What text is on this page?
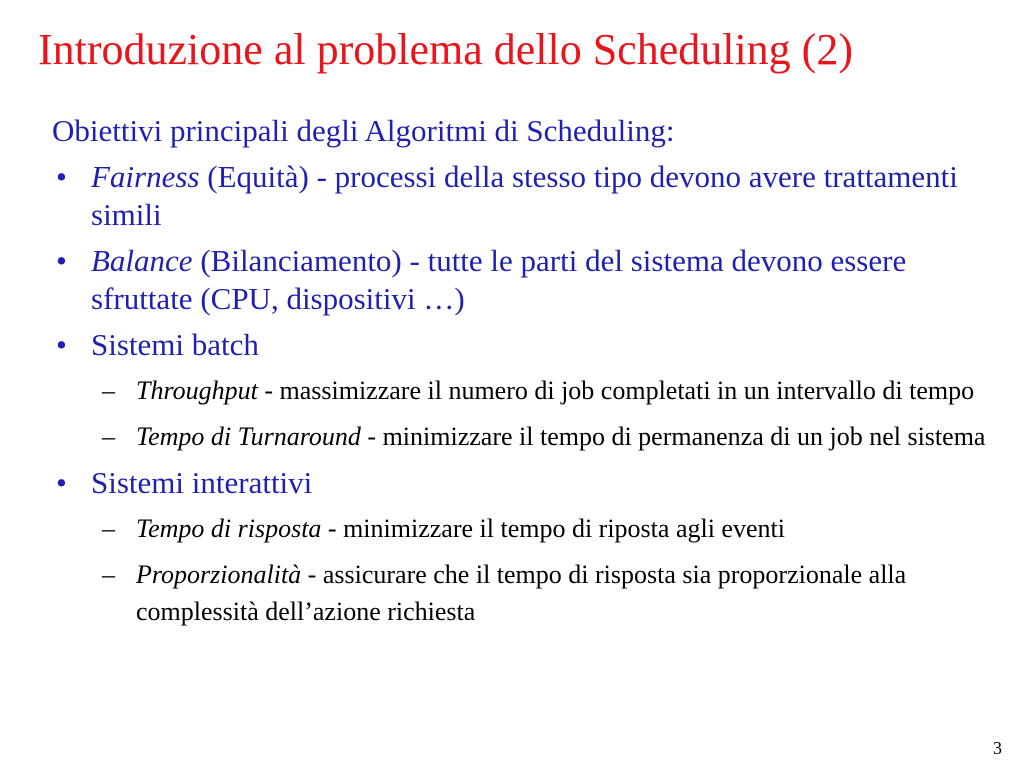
Introduzione al problema dello Scheduling (2)

Obiettivi principali degli Algoritmi di Scheduling:

• Fairness (Equità) - processi della stesso tipo devono avere trattamenti simili
• Balance (Bilanciamento) - tutte le parti del sistema devono essere sfruttate (CPU, dispositivi …)
• Sistemi batch
– Throughput - massimizzare il numero di job completati in un intervallo di tempo
– Tempo di Turnaround - minimizzare il tempo di permanenza di un job nel sistema
• Sistemi interattivi
– Tempo di risposta - minimizzare il tempo di riposta agli eventi
– Proporzionalità - assicurare che il tempo di risposta sia proporzionale alla complessità dell’azione richiesta
3
